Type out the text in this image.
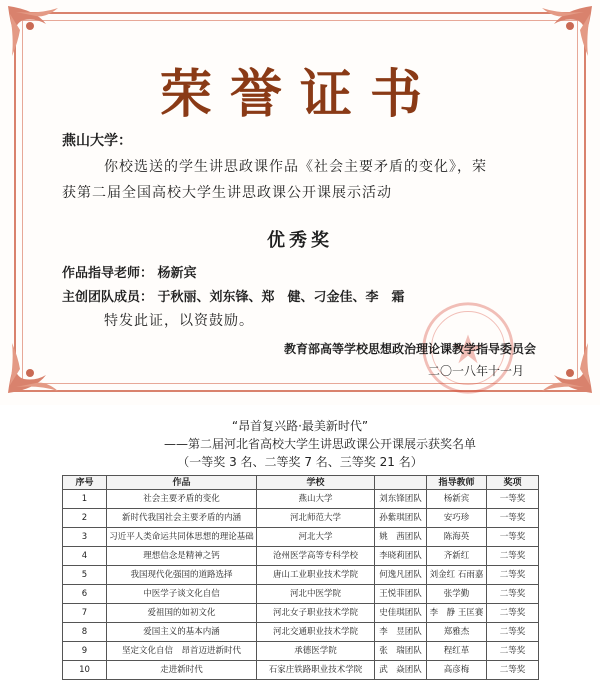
荣誉证书
燕山大学：
你校选送的学生讲思政课作品《社会主要矛盾的变化》，荣
获第二届全国高校大学生讲思政课公开课展示活动
优秀奖
作品指导老师： 杨新宾
主创团队成员： 于秋丽、刘东锋、郑　健、刁金佳、李　霜
特发此证，以资鼓励。
教育部高等学校思想政治理论课教学指导委员会
二〇一八年十一月
“昂首复兴路·最美新时代”
——第二届河北省高校大学生讲思政课公开课展示获奖名单
（一等奖 3 名、二等奖 7 名、三等奖 21 名）
序号	作品	学校		指导教师	奖项
1	社会主要矛盾的变化	燕山大学	刘东锋团队	杨新宾	一等奖
2	新时代我国社会主要矛盾的内涵	河北师范大学	孙紫琪团队	安巧珍	一等奖
3	习近平人类命运共同体思想的理论基础	河北大学	姚　茜团队	陈海英	一等奖
4	理想信念是精神之钙	沧州医学高等专科学校	李晓莉团队	齐新红	二等奖
5	我国现代化强国的道路选择	唐山工业职业技术学院	何逸凡团队	刘金红 石雨嘉	二等奖
6	中医学子谈文化自信	河北中医学院	王悦菲团队	张学勤	二等奖
7	爱祖国的如初文化	河北女子职业技术学院	史佳琪团队	李　静 王匡赛	二等奖
8	爱国主义的基本内涵	河北交通职业技术学院	李　昱团队	郑雅杰	二等奖
9	坚定文化自信　昂首迈进新时代	承德医学院	张　瑞团队	程红革	二等奖
10	走进新时代	石家庄铁路职业技术学院	武　焱团队	高彦梅	二等奖
